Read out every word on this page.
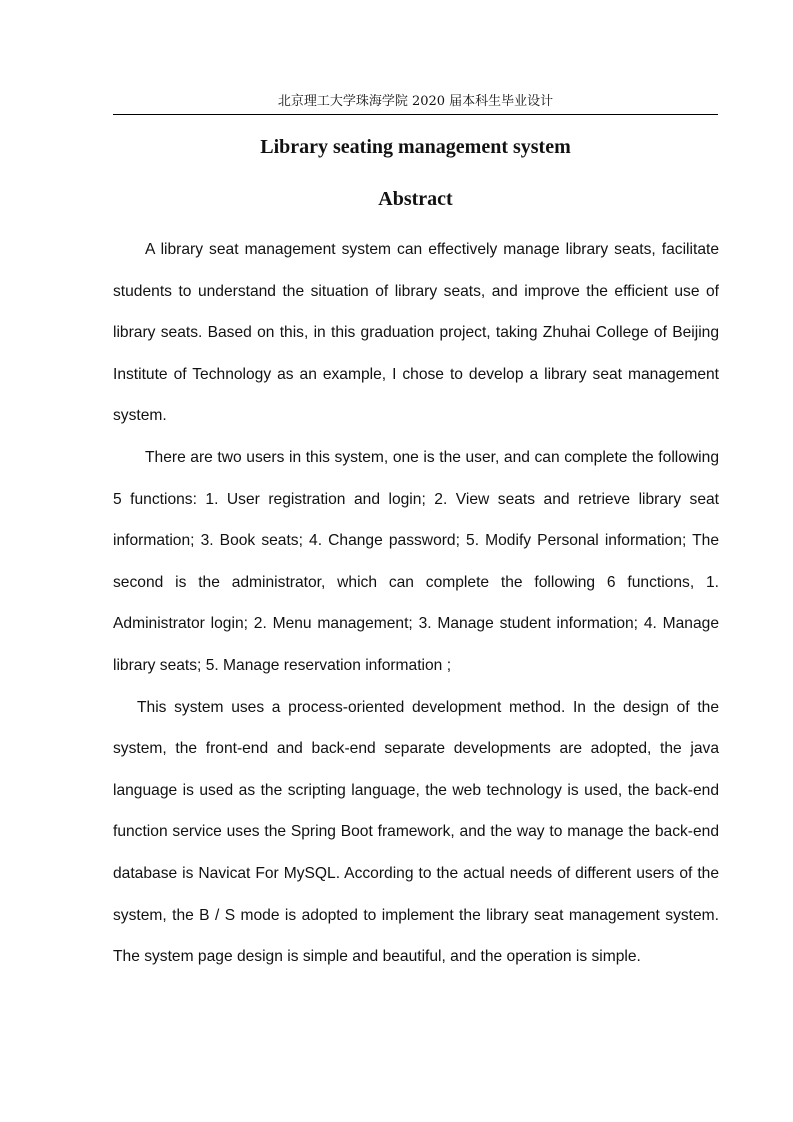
北京理工大学珠海学院 2020 届本科生毕业设计
Library seating management system
Abstract

A library seat management system can effectively manage library seats, facilitate students to understand the situation of library seats, and improve the efficient use of library seats. Based on this, in this graduation project, taking Zhuhai College of Beijing Institute of Technology as an example, I chose to develop a library seat management system.

There are two users in this system, one is the user, and can complete the following 5 functions: 1. User registration and login; 2. View seats and retrieve library seat information; 3. Book seats; 4. Change password; 5. Modify Personal information; The second is the administrator, which can complete the following 6 functions, 1. Administrator login; 2. Menu management; 3. Manage student information; 4. Manage library seats; 5. Manage reservation information ;

This system uses a process-oriented development method. In the design of the system, the front-end and back-end separate developments are adopted, the java language is used as the scripting language, the web technology is used, the back-end function service uses the Spring Boot framework, and the way to manage the back-end database is Navicat For MySQL. According to the actual needs of different users of the system, the B / S mode is adopted to implement the library seat management system. The system page design is simple and beautiful, and the operation is simple.
